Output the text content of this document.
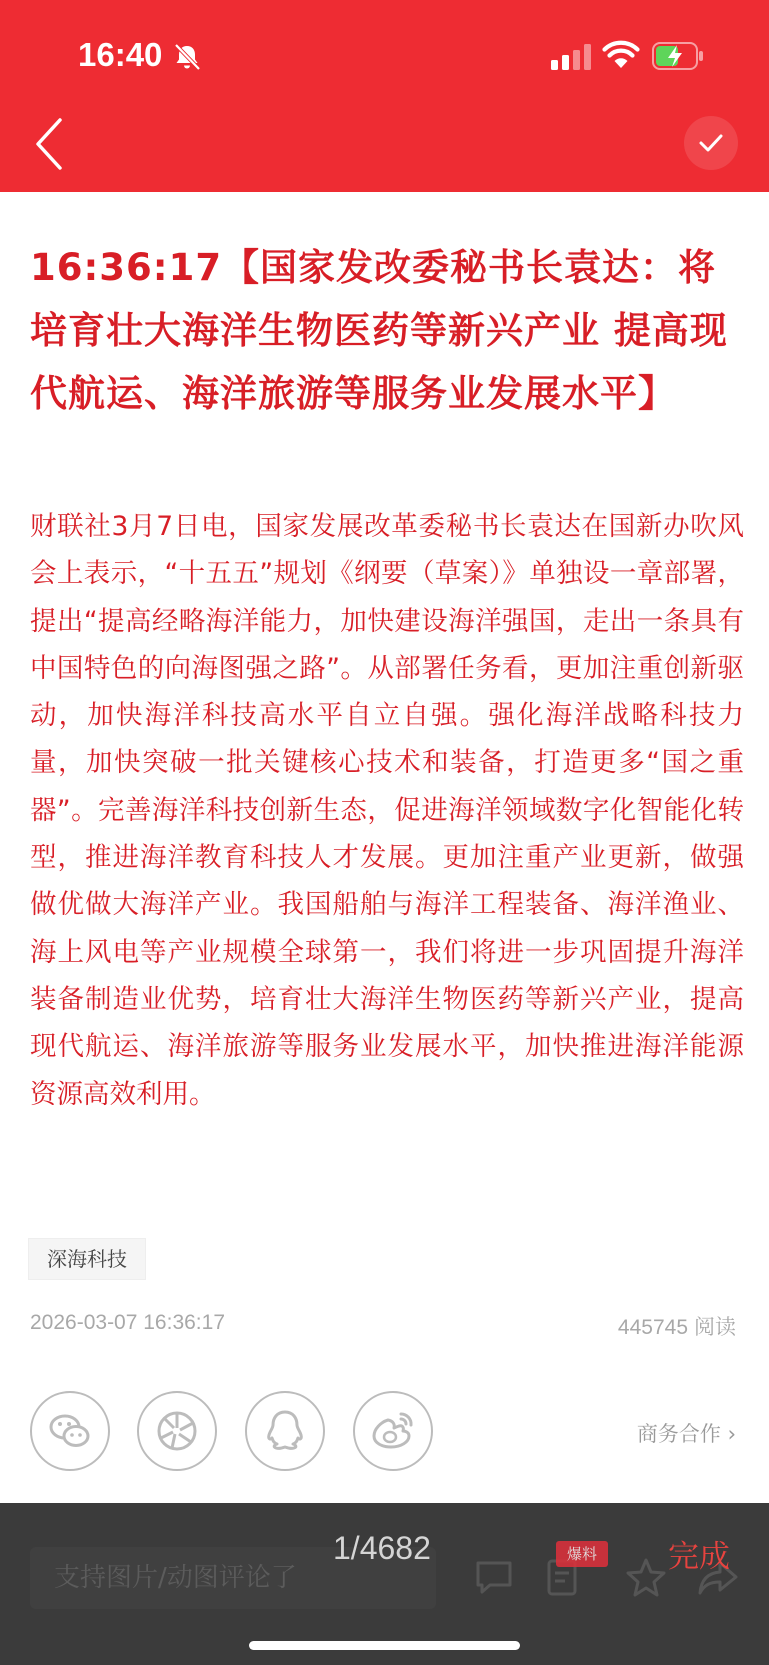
16:40
16:36:17【国家发改委秘书长袁达：将培育壮大海洋生物医药等新兴产业 提高现代航运、海洋旅游等服务业发展水平】
财联社3月7日电，国家发展改革委秘书长袁达在国新办吹风会上表示，“十五五”规划《纲要（草案）》单独设一章部署，提出“提高经略海洋能力，加快建设海洋强国，走出一条具有中国特色的向海图强之路”。从部署任务看，更加注重创新驱动，加快海洋科技高水平自立自强。强化海洋战略科技力量，加快突破一批关键核心技术和装备，打造更多“国之重器”。完善海洋科技创新生态，促进海洋领域数字化智能化转型，推进海洋教育科技人才发展。更加注重产业更新，做强做优做大海洋产业。我国船舶与海洋工程装备、海洋渔业、海上风电等产业规模全球第一，我们将进一步巩固提升海洋装备制造业优势，培育壮大海洋生物医药等新兴产业，提高现代航运、海洋旅游等服务业发展水平，加快推进海洋能源资源高效利用。
深海科技
2026-03-07 16:36:17	445745 阅读
商务合作 ›
支持图片/动图评论了
爆料
1/4682	完成
